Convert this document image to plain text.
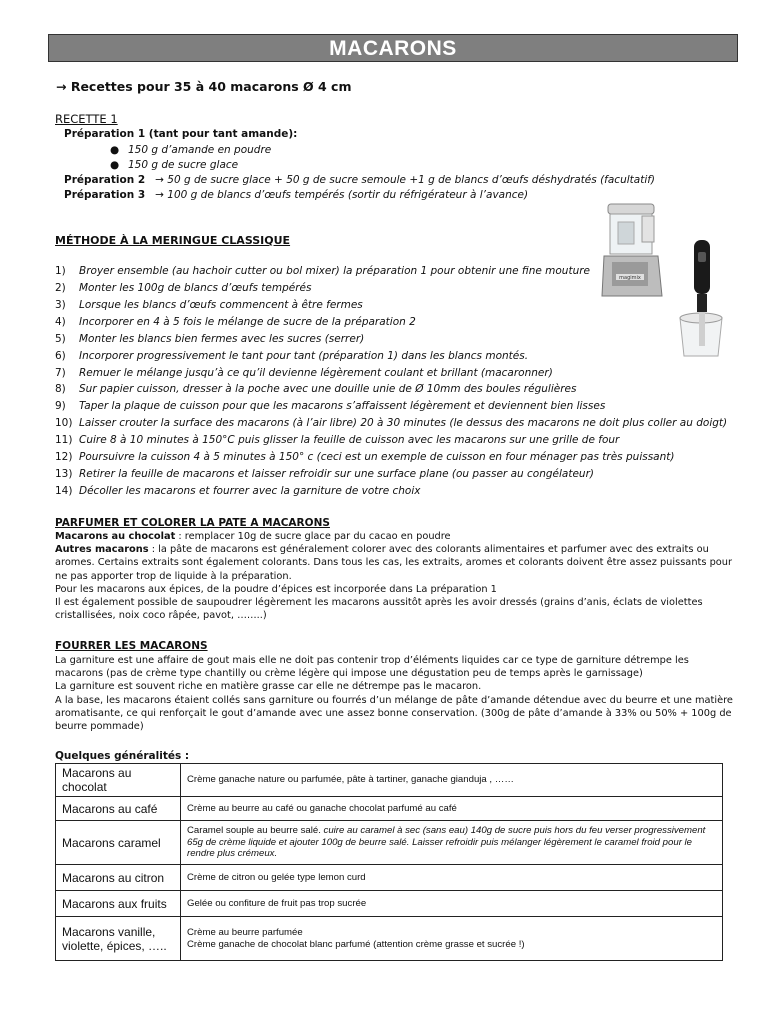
MACARONS
→ Recettes pour 35 à 40 macarons Ø 4 cm
RECETTE 1
Préparation 1 (tant pour tant amande):
● 150 g d’amande en poudre
● 150 g de sucre glace
Préparation 2 → 50 g de sucre glace + 50 g de sucre semoule +1 g de blancs d’œufs déshydratés (facultatif)
Préparation 3 → 100 g de blancs d’œufs tempérés (sortir du réfrigérateur à l’avance)
magimix
MÉTHODE À LA MERINGUE CLASSIQUE
1) Broyer ensemble (au hachoir cutter ou bol mixer) la préparation 1 pour obtenir une fine mouture
2) Monter les 100g de blancs d’œufs tempérés
3) Lorsque les blancs d’œufs commencent à être fermes
4) Incorporer en 4 à 5 fois le mélange de sucre de la préparation 2
5) Monter les blancs bien fermes avec les sucres (serrer)
6) Incorporer progressivement le tant pour tant (préparation 1) dans les blancs montés.
7) Remuer le mélange jusqu’à ce qu’il devienne légèrement coulant et brillant (macaronner)
8) Sur papier cuisson, dresser à la poche avec une douille unie de Ø 10mm des boules régulières
9) Taper la plaque de cuisson pour que les macarons s’affaissent légèrement et deviennent bien lisses
10) Laisser crouter la surface des macarons (à l’air libre) 20 à 30 minutes (le dessus des macarons ne doit plus coller au doigt)
11) Cuire 8 à 10 minutes à 150°C puis glisser la feuille de cuisson avec les macarons sur une grille de four
12) Poursuivre la cuisson 4 à 5 minutes à 150° c (ceci est un exemple de cuisson en four ménager pas très puissant)
13) Retirer la feuille de macarons et laisser refroidir sur une surface plane (ou passer au congélateur)
14) Décoller les macarons et fourrer avec la garniture de votre choix
PARFUMER ET COLORER LA PATE A MACARONS
Macarons au chocolat : remplacer 10g de sucre glace par du cacao en poudre
Autres macarons : la pâte de macarons est généralement colorer avec des colorants alimentaires et parfumer avec des extraits ou aromes. Certains extraits sont également colorants. Dans tous les cas, les extraits, aromes et colorants doivent être assez puissants pour ne pas apporter trop de liquide à la préparation.
Pour les macarons aux épices, de la poudre d’épices est incorporée dans La préparation 1
Il est également possible de saupoudrer légèrement les macarons aussitôt après les avoir dressés (grains d’anis, éclats de violettes cristallisées, noix coco râpée, pavot, ……..)
FOURRER LES MACARONS
La garniture est une affaire de gout mais elle ne doit pas contenir trop d’éléments liquides car ce type de garniture détrempe les macarons (pas de crème type chantilly ou crème légère qui impose une dégustation peu de temps après le garnissage)
La garniture est souvent riche en matière grasse car elle ne détrempe pas le macaron.
A la base, les macarons étaient collés sans garniture ou fourrés d’un mélange de pâte d’amande détendue avec du beurre et une matière aromatisante, ce qui renforçait le gout d’amande avec une assez bonne conservation. (300g de pâte d’amande à 33% ou 50% + 100g de beurre pommade)
Quelques généralités :
Macarons au chocolat	Crème ganache nature ou parfumée, pâte à tartiner, ganache gianduja , ……
Macarons au café	Crème au beurre au café ou ganache chocolat parfumé au café
Macarons caramel	Caramel souple au beurre salé. cuire au caramel à sec (sans eau) 140g de sucre puis hors du feu verser progressivement 65g de crème liquide et ajouter 100g de beurre salé. Laisser refroidir puis mélanger légèrement le caramel froid pour le rendre plus crémeux.
Macarons au citron	Crème de citron ou gelée type lemon curd
Macarons aux fruits	Gelée ou confiture de fruit pas trop sucrée
Macarons vanille, violette, épices, …..	Crème au beurre parfumée
Crème ganache de chocolat blanc parfumé (attention crème grasse et sucrée !)
